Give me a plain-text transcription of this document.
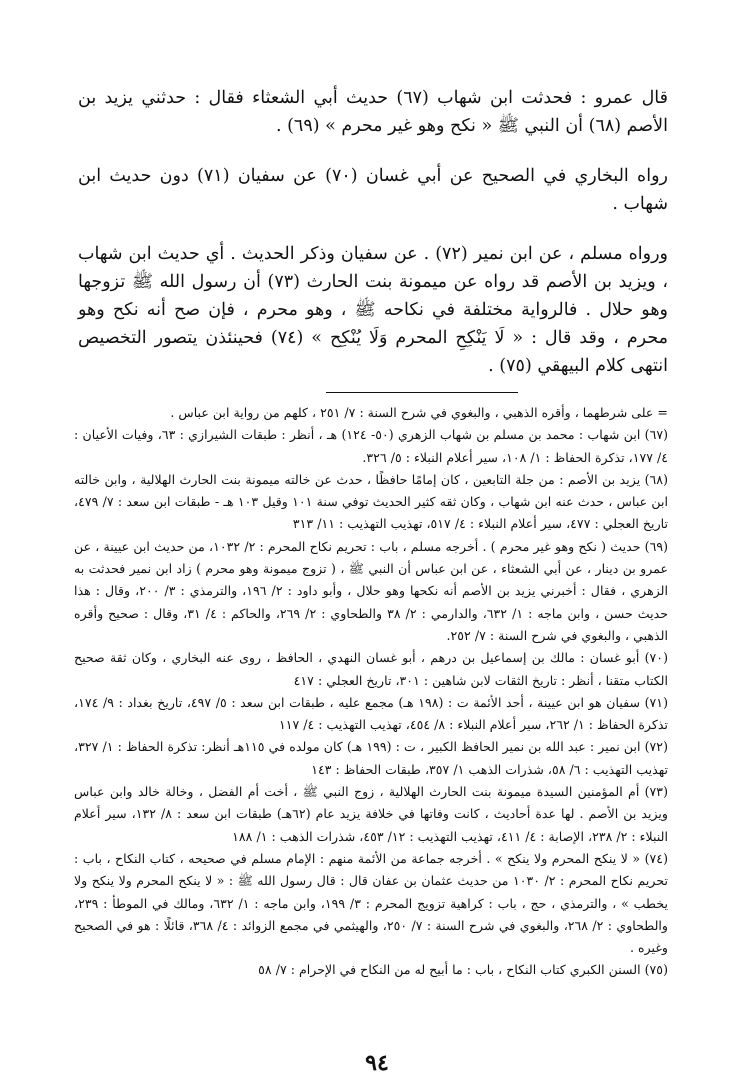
قال عمرو : فحدثت ابن شهاب (٦٧) حديث أبي الشعثاء فقال : حدثني يزيد بن الأصم (٦٨) أن النبي ﷺ « نكح وهو غير محرم » (٦٩) .

رواه البخاري في الصحيح عن أبي غسان (٧٠) عن سفيان (٧١) دون حديث ابن شهاب .

ورواه مسلم ، عن ابن نمير (٧٢) . عن سفيان وذكر الحديث . أي حديث ابن شهاب ، ويزيد بن الأصم قد رواه عن ميمونة بنت الحارث (٧٣) أن رسول الله ﷺ تزوجها وهو حلال . فالرواية مختلفة في نكاحه ﷺ ، وهو محرم ، فإن صح أنه نكح وهو محرم ، وقد قال : « لَا يَنْكِحِ المحرم وَلَا يُنْكِح » (٧٤) فحينئذن يتصور التخصيص انتهى كلام البيهقي (٧٥) .

= على شرطهما ، وأقره الذهبي ، والبغوي في شرح السنة : ٧/ ٢٥١ ، كلهم من رواية ابن عباس .

(٦٧) ابن شهاب : محمد بن مسلم بن شهاب الزهري (٥٠- ١٢٤) هـ ، أنظر : طبقات الشيرازي : ٦٣، وفيات الأعيان : ٤/ ١٧٧، تذكرة الحفاظ : ١/ ١٠٨، سير أعلام النبلاء : ٥/ ٣٢٦.

(٦٨) يزيد بن الأصم : من جلة التابعين ، كان إمامًا حافظًا ، حدث عن خالته ميمونة بنت الحارث الهلالية ، وابن خالته ابن عباس ، حدث عنه ابن شهاب ، وكان ثقه كثير الحديث توفي سنة ١٠١ وقيل ١٠٣ هـ - طبقات ابن سعد : ٧/ ٤٧٩، تاريخ العجلي : ٤٧٧، سير أعلام النبلاء : ٤/ ٥١٧، تهذيب التهذيب : ١١/ ٣١٣

(٦٩) حديث ( نكح وهو غير محرم ) . أخرجه مسلم ، باب : تحريم نكاح المحرم : ٢/ ١٠٣٢، من حديث ابن عيينة ، عن عمرو بن دينار ، عن أبي الشعثاء ، عن ابن عباس أن النبي ﷺ ، ( تزوج ميمونة وهو محرم ) زاد ابن نمير فحدثت به الزهري ، فقال : أخبرني يزيد بن الأصم أنه نكحها وهو حلال ، وأبو داود : ٢/ ١٩٦، والترمذي : ٣/ ٢٠٠، وقال : هذا حديث حسن ، وابن ماجه : ١/ ٦٣٢، والدارمي : ٢/ ٣٨ والطحاوي : ٢/ ٢٦٩، والحاكم : ٤/ ٣١، وقال : صحيح وأقره الذهبي ، والبغوي في شرح السنة : ٧/ ٢٥٢.

(٧٠) أبو غسان : مالك بن إسماعيل بن درهم ، أبو غسان النهدي ، الحافظ ، روى عنه البخاري ، وكان ثقة صحيح الكتاب متقنا ، أنظر : تاريخ الثقات لابن شاهين : ٣٠١، تاريخ العجلي : ٤١٧

(٧١) سفيان هو ابن عيينة ، أحد الأئمة ت : (١٩٨ هـ) مجمع عليه ، طبقات ابن سعد : ٥/ ٤٩٧، تاريخ بغداد : ٩/ ١٧٤، تذكرة الحفاظ : ١/ ٢٦٢، سير أعلام النبلاء : ٨/ ٤٥٤، تهذيب التهذيب : ٤/ ١١٧

(٧٢) ابن نمير : عبد الله بن نمير الحافظ الكبير ، ت : (١٩٩ هـ) كان مولده في ١١٥هـ أنظر: تذكرة الحفاظ : ١/ ٣٢٧، تهذيب التهذيب : ٦/ ٥٨، شذرات الذهب ١/ ٣٥٧، طبقات الحفاظ : ١٤٣

(٧٣) أم المؤمنين السيدة ميمونة بنت الحارث الهلالية ، زوج النبي ﷺ ، أخت أم الفضل ، وخالة خالد وابن عباس ويزيد بن الأصم . لها عدة أحاديث ، كانت وفاتها في خلافة يزيد عام (٦٢هـ) طبقات ابن سعد : ٨/ ١٣٢، سير أعلام النبلاء : ٢/ ٢٣٨، الإصابة : ٤/ ٤١١، تهذيب التهذيب : ١٢/ ٤٥٣، شذرات الذهب : ١/ ١٨٨

(٧٤) « لا ينكح المحرم ولا ينكح » . أخرجه جماعة من الأئمة منهم : الإمام مسلم في صحيحه ، كتاب النكاح ، باب : تحريم نكاح المحرم : ٢/ ١٠٣٠ من حديث عثمان بن عفان قال : قال رسول الله ﷺ : « لا ينكح المحرم ولا ينكح ولا يخطب » ، والترمذي ، حج ، باب : كراهية تزويج المحرم : ٣/ ١٩٩، وابن ماجه : ١/ ٦٣٢، ومالك في الموطأ : ٢٣٩، والطحاوي : ٢/ ٢٦٨، والبغوي في شرح السنة : ٧/ ٢٥٠، والهيثمي في مجمع الزوائد : ٤/ ٣٦٨، قائلًا : هو في الصحيح وغيره .

(٧٥) السنن الكبري كتاب النكاح ، باب : ما أبيح له من النكاح في الإحرام : ٧/ ٥٨

٩٤
